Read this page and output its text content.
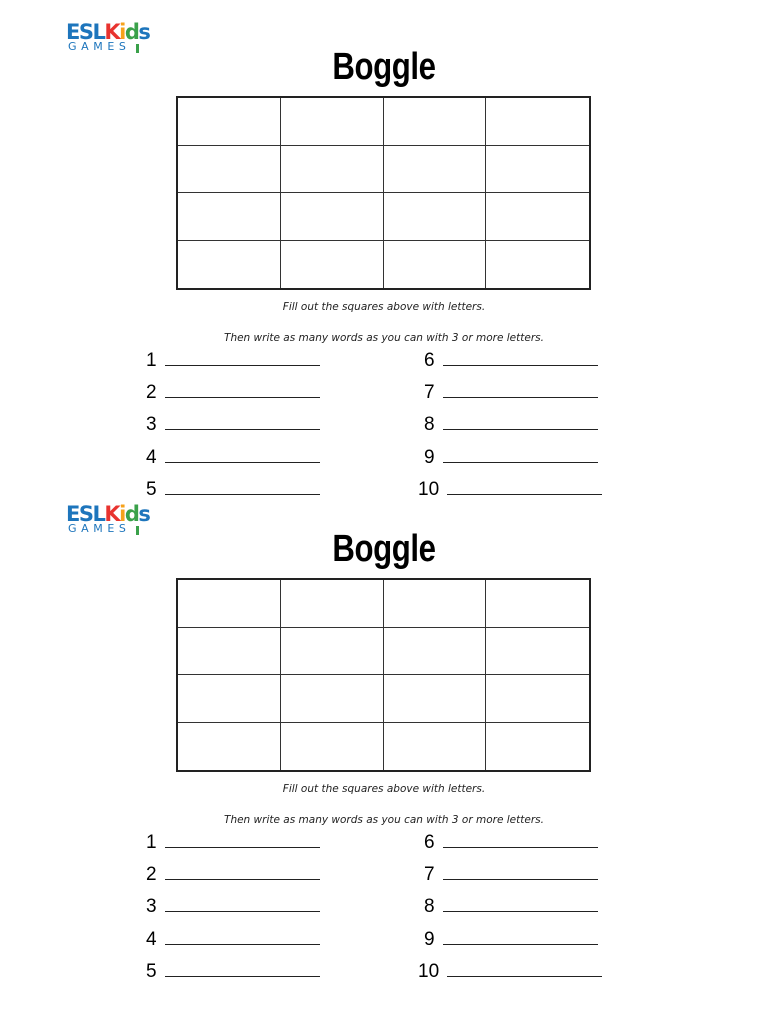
ESLKids
GAMES	Boggle
Fill out the squares above with letters.
Then write as many words as you can with 3 or more letters.
1
2
3
4
5
6
7
8
9
10
ESLKids
GAMES	Boggle
Fill out the squares above with letters.
Then write as many words as you can with 3 or more letters.
1
2
3
4
5
6
7
8
9
10
